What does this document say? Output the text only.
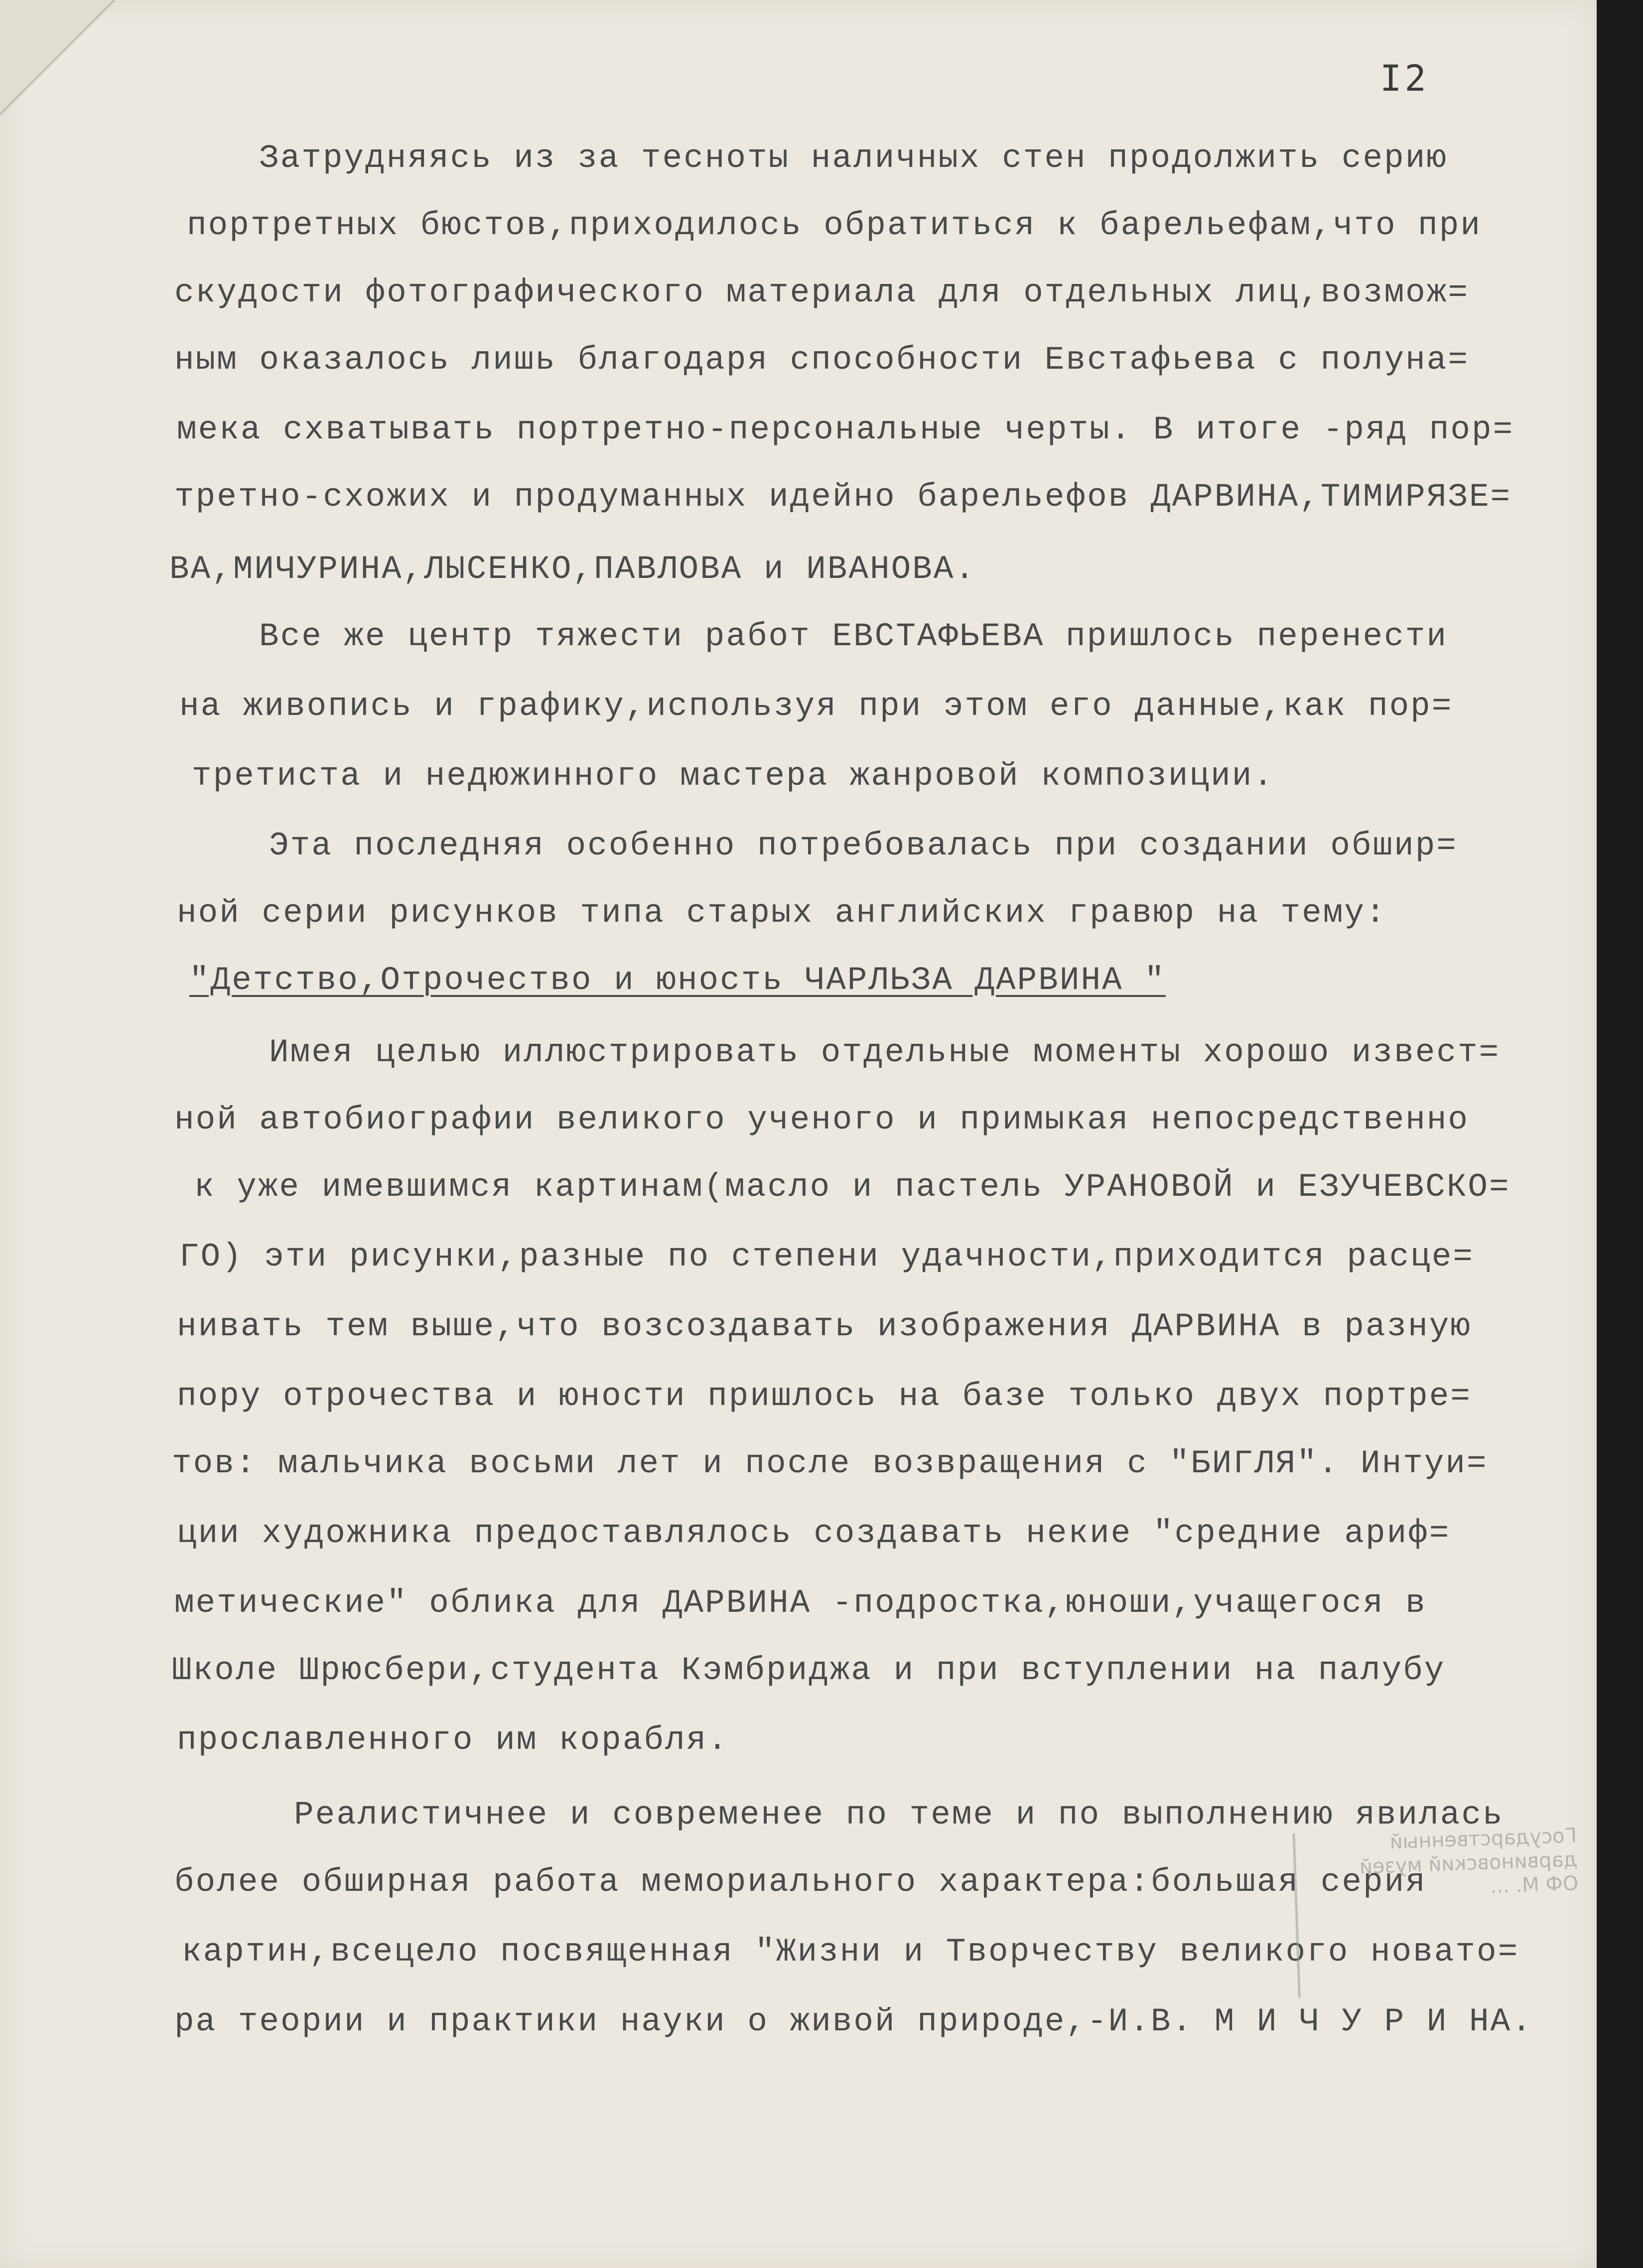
I2
Затрудняясь из за тесноты наличных стен продолжить серию
портретных бюстов,приходилось обратиться к барельефам,что при
скудости фотографического материала для отдельных лиц,возмож=
ным оказалось лишь благодаря способности Евстафьева с полуна=
мека схватывать портретно-персональные черты. В итоге -ряд пор=
третно-схожих и продуманных идейно барельефов ДАРВИНА,ТИМИРЯЗЕ=
ВА,МИЧУРИНА,ЛЫСЕНКО,ПАВЛОВА и ИВАНОВА.
Все же центр тяжести работ ЕВСТАФЬЕВА пришлось перенести
на живопись и графику,используя при этом его данные,как пор=
третиста и недюжинного мастера жанровой композиции.
Эта последняя особенно потребовалась при создании обшир=
ной серии рисунков типа старых английских гравюр на тему:
"Детство,Отрочество и юность ЧАРЛЬЗА ДАРВИНА "
Имея целью иллюстрировать отдельные моменты хорошо извест=
ной автобиографии великого ученого и примыкая непосредственно
к уже имевшимся картинам(масло и пастель УРАНОВОЙ и ЕЗУЧЕВСКО=
ГО) эти рисунки,разные по степени удачности,приходится расце=
нивать тем выше,что возсоздавать изображения ДАРВИНА в разную
пору отрочества и юности пришлось на базе только двух портре=
тов: мальчика восьми лет и после возвращения с "БИГЛЯ". Интуи=
ции художника предоставлялось создавать некие "средние ариф=
метические" облика для ДАРВИНА -подростка,юноши,учащегося в
Школе Шрюсбери,студента Кэмбриджа и при вступлении на палубу
прославленного им корабля.
Реалистичнее и современее по теме и по выполнению явилась
более обширная работа мемориального характера:большая серия
картин,всецело посвященная "Жизни и Творчеству великого новато=
ра теории и практики науки о живой природе,-И.В. М И Ч У Р И НА.
Государственный
дарвиновский музей
ОФ М. ...
